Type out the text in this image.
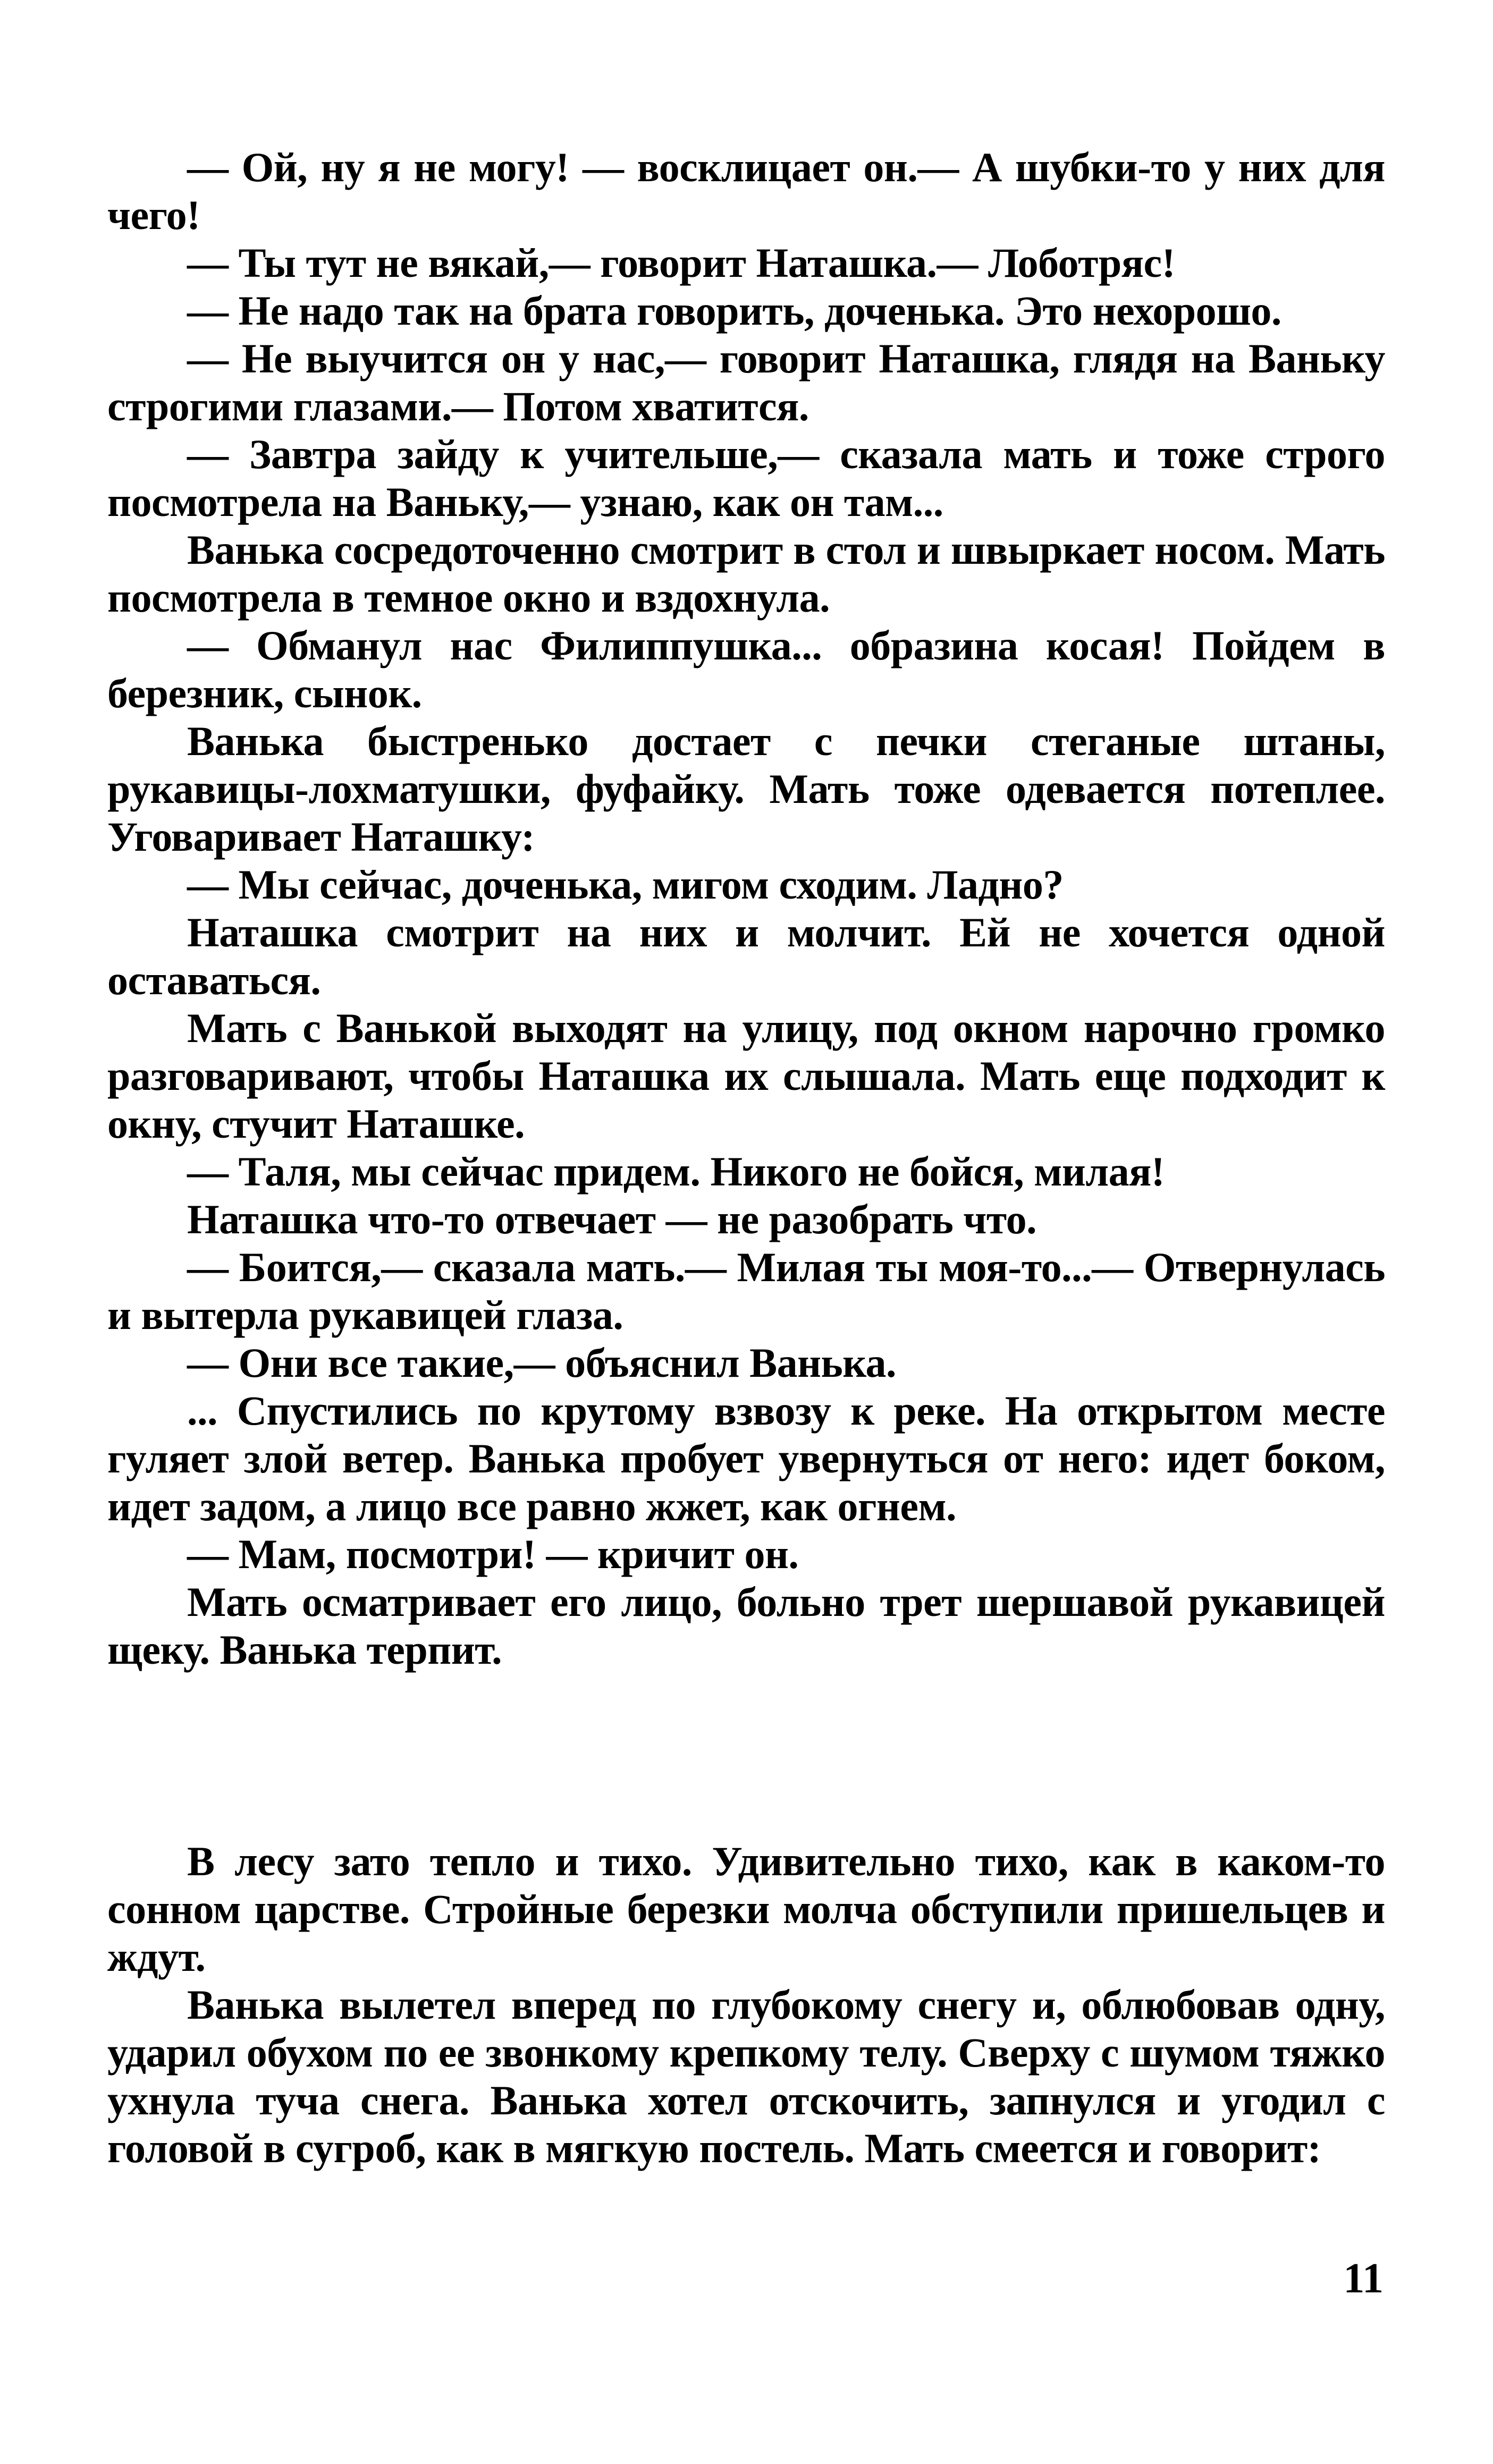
— Ой, ну я не могу! — восклицает он.— А шубки-то у них для чего!

— Ты тут не вякай,— говорит Наташка.— Лоботряс!

— Не надо так на брата говорить, доченька. Это нехорошо.

— Не выучится он у нас,— говорит Наташка, глядя на Ваньку строгими глазами.— Потом хватится.

— Завтра зайду к учительше,— сказала мать и тоже строго посмотрела на Ваньку,— узнаю, как он там...

Ванька сосредоточенно смотрит в стол и швыркает носом. Мать посмотрела в темное окно и вздохнула.

— Обманул нас Филиппушка... образина косая! Пойдем в березник, сынок.

Ванька быстренько достает с печки стеганые штаны, рукавицы-лохматушки, фуфайку. Мать тоже одевается потеплее. Уговаривает Наташку:

— Мы сейчас, доченька, мигом сходим. Ладно?

Наташка смотрит на них и молчит. Ей не хочется одной оставаться.

Мать с Ванькой выходят на улицу, под окном нарочно громко разговаривают, чтобы Наташка их слышала. Мать еще подходит к окну, стучит Наташке.

— Таля, мы сейчас придем. Никого не бойся, милая!

Наташка что-то отвечает — не разобрать что.

— Боится,— сказала мать.— Милая ты моя-то...— Отвернулась и вытерла рукавицей глаза.

— Они все такие,— объяснил Ванька.

... Спустились по крутому взвозу к реке. На открытом месте гуляет злой ветер. Ванька пробует увернуться от него: идет боком, идет задом, а лицо все равно жжет, как огнем.

— Мам, посмотри! — кричит он.

Мать осматривает его лицо, больно трет шершавой рукавицей щеку. Ванька терпит.

В лесу зато тепло и тихо. Удивительно тихо, как в каком-то сонном царстве. Стройные березки молча обступили пришельцев и ждут.

Ванька вылетел вперед по глубокому снегу и, облюбовав одну, ударил обухом по ее звонкому крепкому телу. Сверху с шумом тяжко ухнула туча снега. Ванька хотел отскочить, запнулся и угодил с головой в сугроб, как в мягкую постель. Мать смеется и говорит:

11
